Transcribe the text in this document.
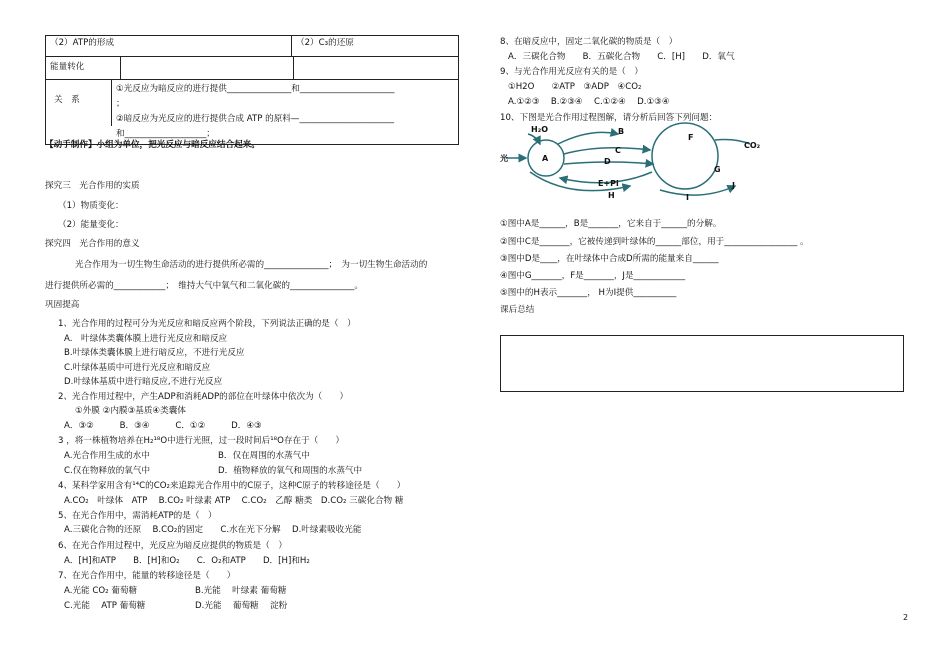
（2）ATP的形成	（2）C₃的还原

能量转化

关　系
①光反应为暗反应的进行提供_______________和______________________
；
②暗反应为光反应的进行提供合成 ATP 的原料—______________________
和___________________；
【动手制作】小组为单位，把光反应与暗反应结合起来。
探究三　光合作用的实质
（1）物质变化：
（2）能量变化：
探究四　光合作用的意义
光合作用为一切生物生命活动的进行提供所必需的_______________；　为一切生物生命活动的
进行提供所必需的____________；　维持大气中氧气和二氧化碳的_______________。
巩固提高
1、光合作用的过程可分为光反应和暗反应两个阶段，下列说法正确的是（　）
A.　叶绿体类囊体膜上进行光反应和暗反应
B.叶绿体类囊体膜上进行暗反应，不进行光反应
C.叶绿体基质中可进行光反应和暗反应
D.叶绿体基质中进行暗反应,不进行光反应
2、光合作用过程中，产生ADP和消耗ADP的部位在叶绿体中依次为（　　）
①外膜 ②内膜③基质④类囊体
A．③②　　　B．③④　　　C．①②　　　D．④③
3 ，将一株植物培养在H₂¹⁸O中进行光照，过一段时间后¹⁸O存在于（　　）
A.光合作用生成的水中	B．仅在周围的水蒸气中
C.仅在物释放的氧气中	D．植物释放的氧气和周围的水蒸气中
4、某科学家用含有¹⁴C的CO₂来追踪光合作用中的C原子，这种C原子的转移途径是（　　）
A.CO₂　叶绿体　ATP　 B.CO₂ 叶绿素 ATP　 C.CO₂　乙醇 糖类　D.CO₂ 三碳化合物 糖
5、在光合作用中，需消耗ATP的是（　）
A.三碳化合物的还原　 B.CO₂的固定　　C.水在光下分解　 D.叶绿素吸收光能
6、在光合作用过程中，光反应为暗反应提供的物质是（　）
A．[H]和ATP　　B．[H]和O₂　　C．O₂和ATP　　D．[H]和H₂
7、在光合作用中，能量的转移途径是（　　）
A.光能 CO₂ 葡萄糖	B.光能　 叶绿素 葡萄糖
C.光能　 ATP 葡萄糖	D.光能　 葡萄糖　 淀粉
8、在暗反应中，固定二氧化碳的物质是（　）
A．三碳化合物　　B．五碳化合物　　C．[H]　　D．氧气
9、与光合作用光反应有关的是（　）
①H2O　　②ATP　③ADP　④CO₂
A.①②③　 B.②③④　 C.①②④　 D.①③④
10、下图是光合作用过程图解，请分析后回答下列问题：
H₂O
光	A
B
C
D
E+Pi
F
G
H	I
J
CO₂
①图中A是______，B是_______，它来自于______的分解。
②图中C是_______，它被传递到叶绿体的______部位，用于_________________ 。
③图中D是____，在叶绿体中合成D所需的能量来自______
④图中G_______，F是_______，J是____________
⑤图中的H表示_______， H为I提供__________
课后总结
2
